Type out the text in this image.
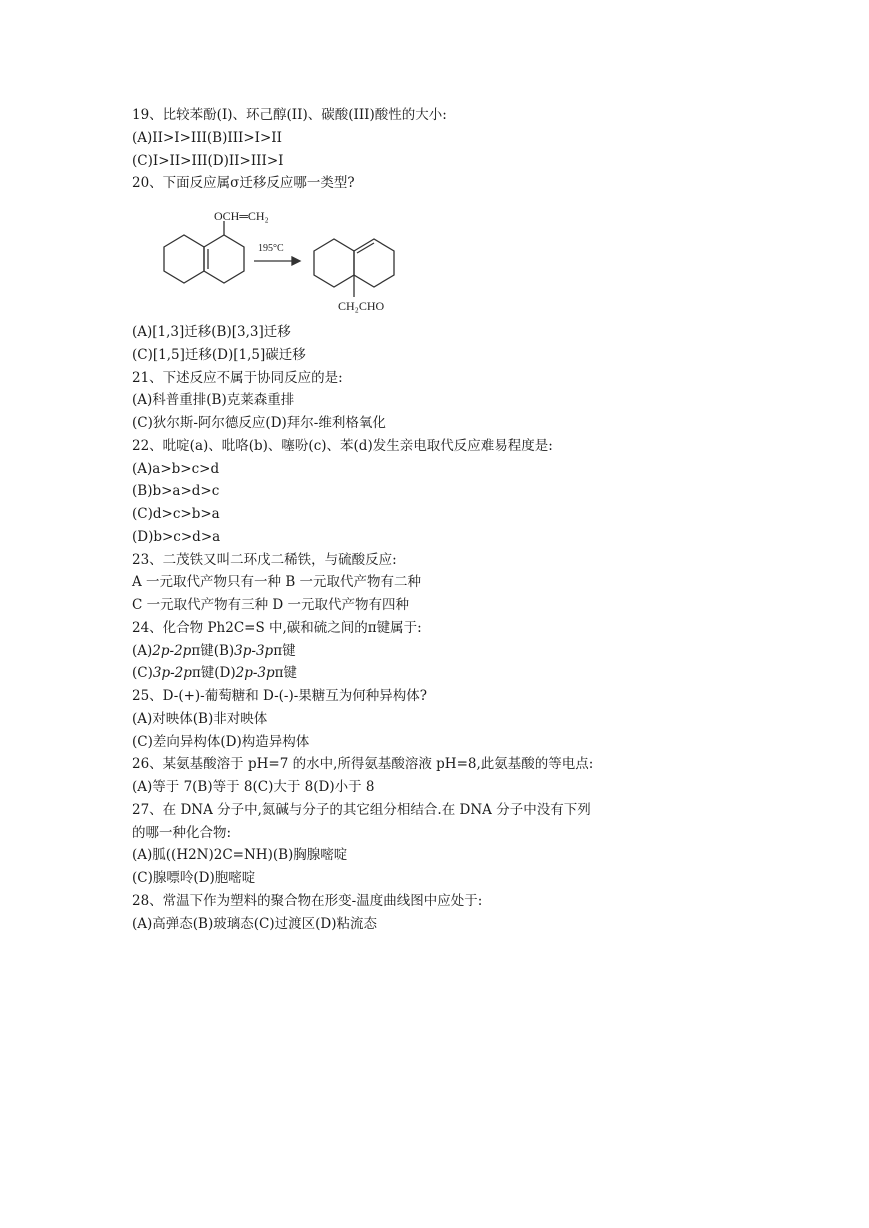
19、比较苯酚(I)、环己醇(II)、碳酸(III)酸性的大小:
(A)II>I>III(B)III>I>II
(C)I>II>III(D)II>III>I
20、下面反应属σ迁移反应哪一类型?
OCH═CH₂
195°C
CH₂CHO
(A)[1,3]迁移(B)[3,3]迁移
(C)[1,5]迁移(D)[1,5]碳迁移
21、下述反应不属于协同反应的是:
(A)科普重排(B)克莱森重排
(C)狄尔斯-阿尔德反应(D)拜尔-维利格氧化
22、吡啶(a)、吡咯(b)、噻吩(c)、苯(d)发生亲电取代反应难易程度是:
(A)a>b>c>d
(B)b>a>d>c
(C)d>c>b>a
(D)b>c>d>a
23、二茂铁又叫二环戊二稀铁，与硫酸反应:
A 一元取代产物只有一种 B 一元取代产物有二种
C 一元取代产物有三种 D 一元取代产物有四种
24、化合物 Ph2C=S 中,碳和硫之间的π键属于:
(A)2p-2pπ键(B)3p-3pπ键
(C)3p-2pπ键(D)2p-3pπ键
25、D-(+)-葡萄糖和 D-(-)-果糖互为何种异构体?
(A)对映体(B)非对映体
(C)差向异构体(D)构造异构体
26、某氨基酸溶于 pH=7 的水中,所得氨基酸溶液 pH=8,此氨基酸的等电点:
(A)等于 7(B)等于 8(C)大于 8(D)小于 8
27、在 DNA 分子中,氮碱与分子的其它组分相结合.在 DNA 分子中没有下列
的哪一种化合物:
(A)胍((H2N)2C=NH)(B)胸腺嘧啶
(C)腺嘌呤(D)胞嘧啶
28、常温下作为塑料的聚合物在形变-温度曲线图中应处于:
(A)高弹态(B)玻璃态(C)过渡区(D)粘流态
